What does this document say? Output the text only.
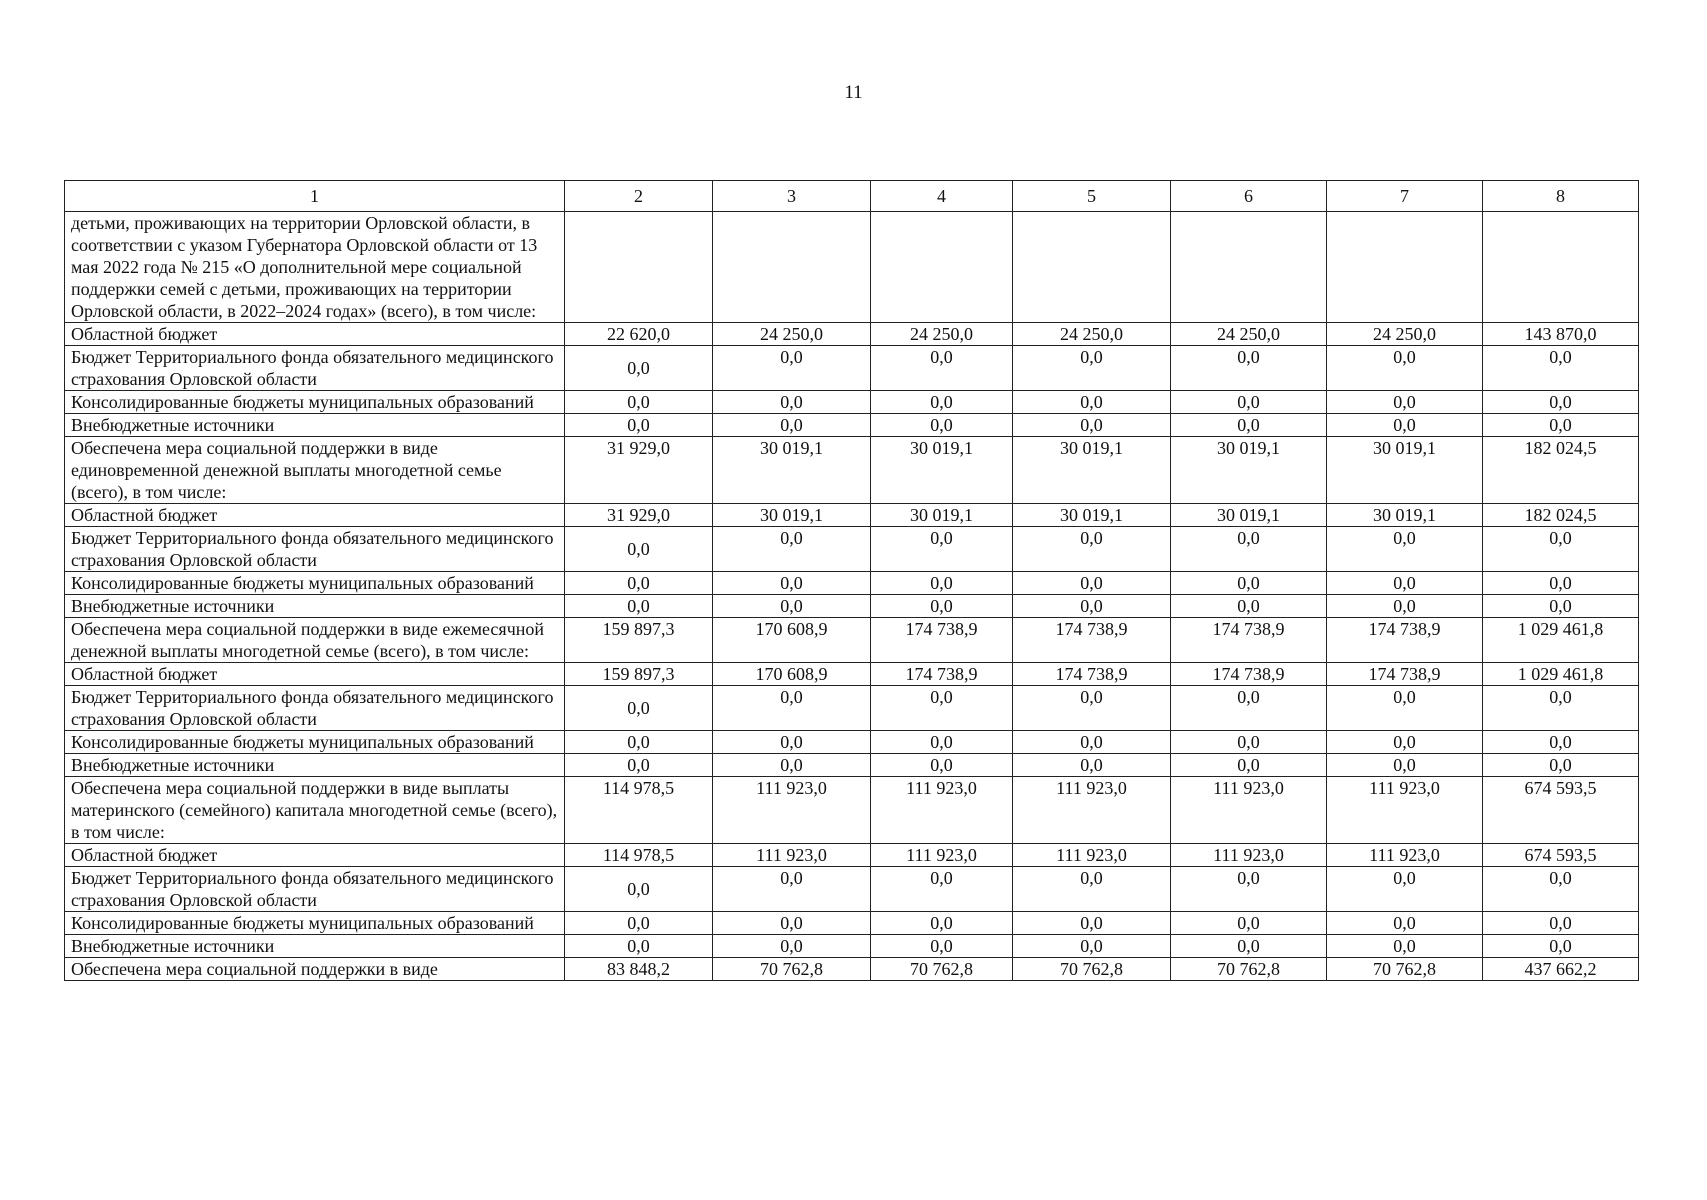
11
1	2	3	4	5	6	7	8
детьми, проживающих на территории Орловской области, в соответствии с указом Губернатора Орловской области от 13 мая 2022 года № 215 «О дополнительной мере социальной поддержки семей с детьми, проживающих на территории Орловской области, в 2022–2024 годах» (всего), в том числе:							
Областной бюджет	22 620,0	24 250,0	24 250,0	24 250,0	24 250,0	24 250,0	143 870,0
Бюджет Территориального фонда обязательного медицинского страхования Орловской области	0,0	0,0	0,0	0,0	0,0	0,0	0,0
Консолидированные бюджеты муниципальных образований	0,0	0,0	0,0	0,0	0,0	0,0	0,0
Внебюджетные источники	0,0	0,0	0,0	0,0	0,0	0,0	0,0
Обеспечена мера социальной поддержки в виде единовременной денежной выплаты многодетной семье (всего), в том числе:	31 929,0	30 019,1	30 019,1	30 019,1	30 019,1	30 019,1	182 024,5
Областной бюджет	31 929,0	30 019,1	30 019,1	30 019,1	30 019,1	30 019,1	182 024,5
Бюджет Территориального фонда обязательного медицинского страхования Орловской области	0,0	0,0	0,0	0,0	0,0	0,0	0,0
Консолидированные бюджеты муниципальных образований	0,0	0,0	0,0	0,0	0,0	0,0	0,0
Внебюджетные источники	0,0	0,0	0,0	0,0	0,0	0,0	0,0
Обеспечена мера социальной поддержки в виде ежемесячной денежной выплаты многодетной семье (всего), в том числе:	159 897,3	170 608,9	174 738,9	174 738,9	174 738,9	174 738,9	1 029 461,8
Областной бюджет	159 897,3	170 608,9	174 738,9	174 738,9	174 738,9	174 738,9	1 029 461,8
Бюджет Территориального фонда обязательного медицинского страхования Орловской области	0,0	0,0	0,0	0,0	0,0	0,0	0,0
Консолидированные бюджеты муниципальных образований	0,0	0,0	0,0	0,0	0,0	0,0	0,0
Внебюджетные источники	0,0	0,0	0,0	0,0	0,0	0,0	0,0
Обеспечена мера социальной поддержки в виде выплаты материнского (семейного) капитала многодетной семье (всего), в том числе:	114 978,5	111 923,0	111 923,0	111 923,0	111 923,0	111 923,0	674 593,5
Областной бюджет	114 978,5	111 923,0	111 923,0	111 923,0	111 923,0	111 923,0	674 593,5
Бюджет Территориального фонда обязательного медицинского страхования Орловской области	0,0	0,0	0,0	0,0	0,0	0,0	0,0
Консолидированные бюджеты муниципальных образований	0,0	0,0	0,0	0,0	0,0	0,0	0,0
Внебюджетные источники	0,0	0,0	0,0	0,0	0,0	0,0	0,0
Обеспечена мера социальной поддержки в виде	83 848,2	70 762,8	70 762,8	70 762,8	70 762,8	70 762,8	437 662,2
